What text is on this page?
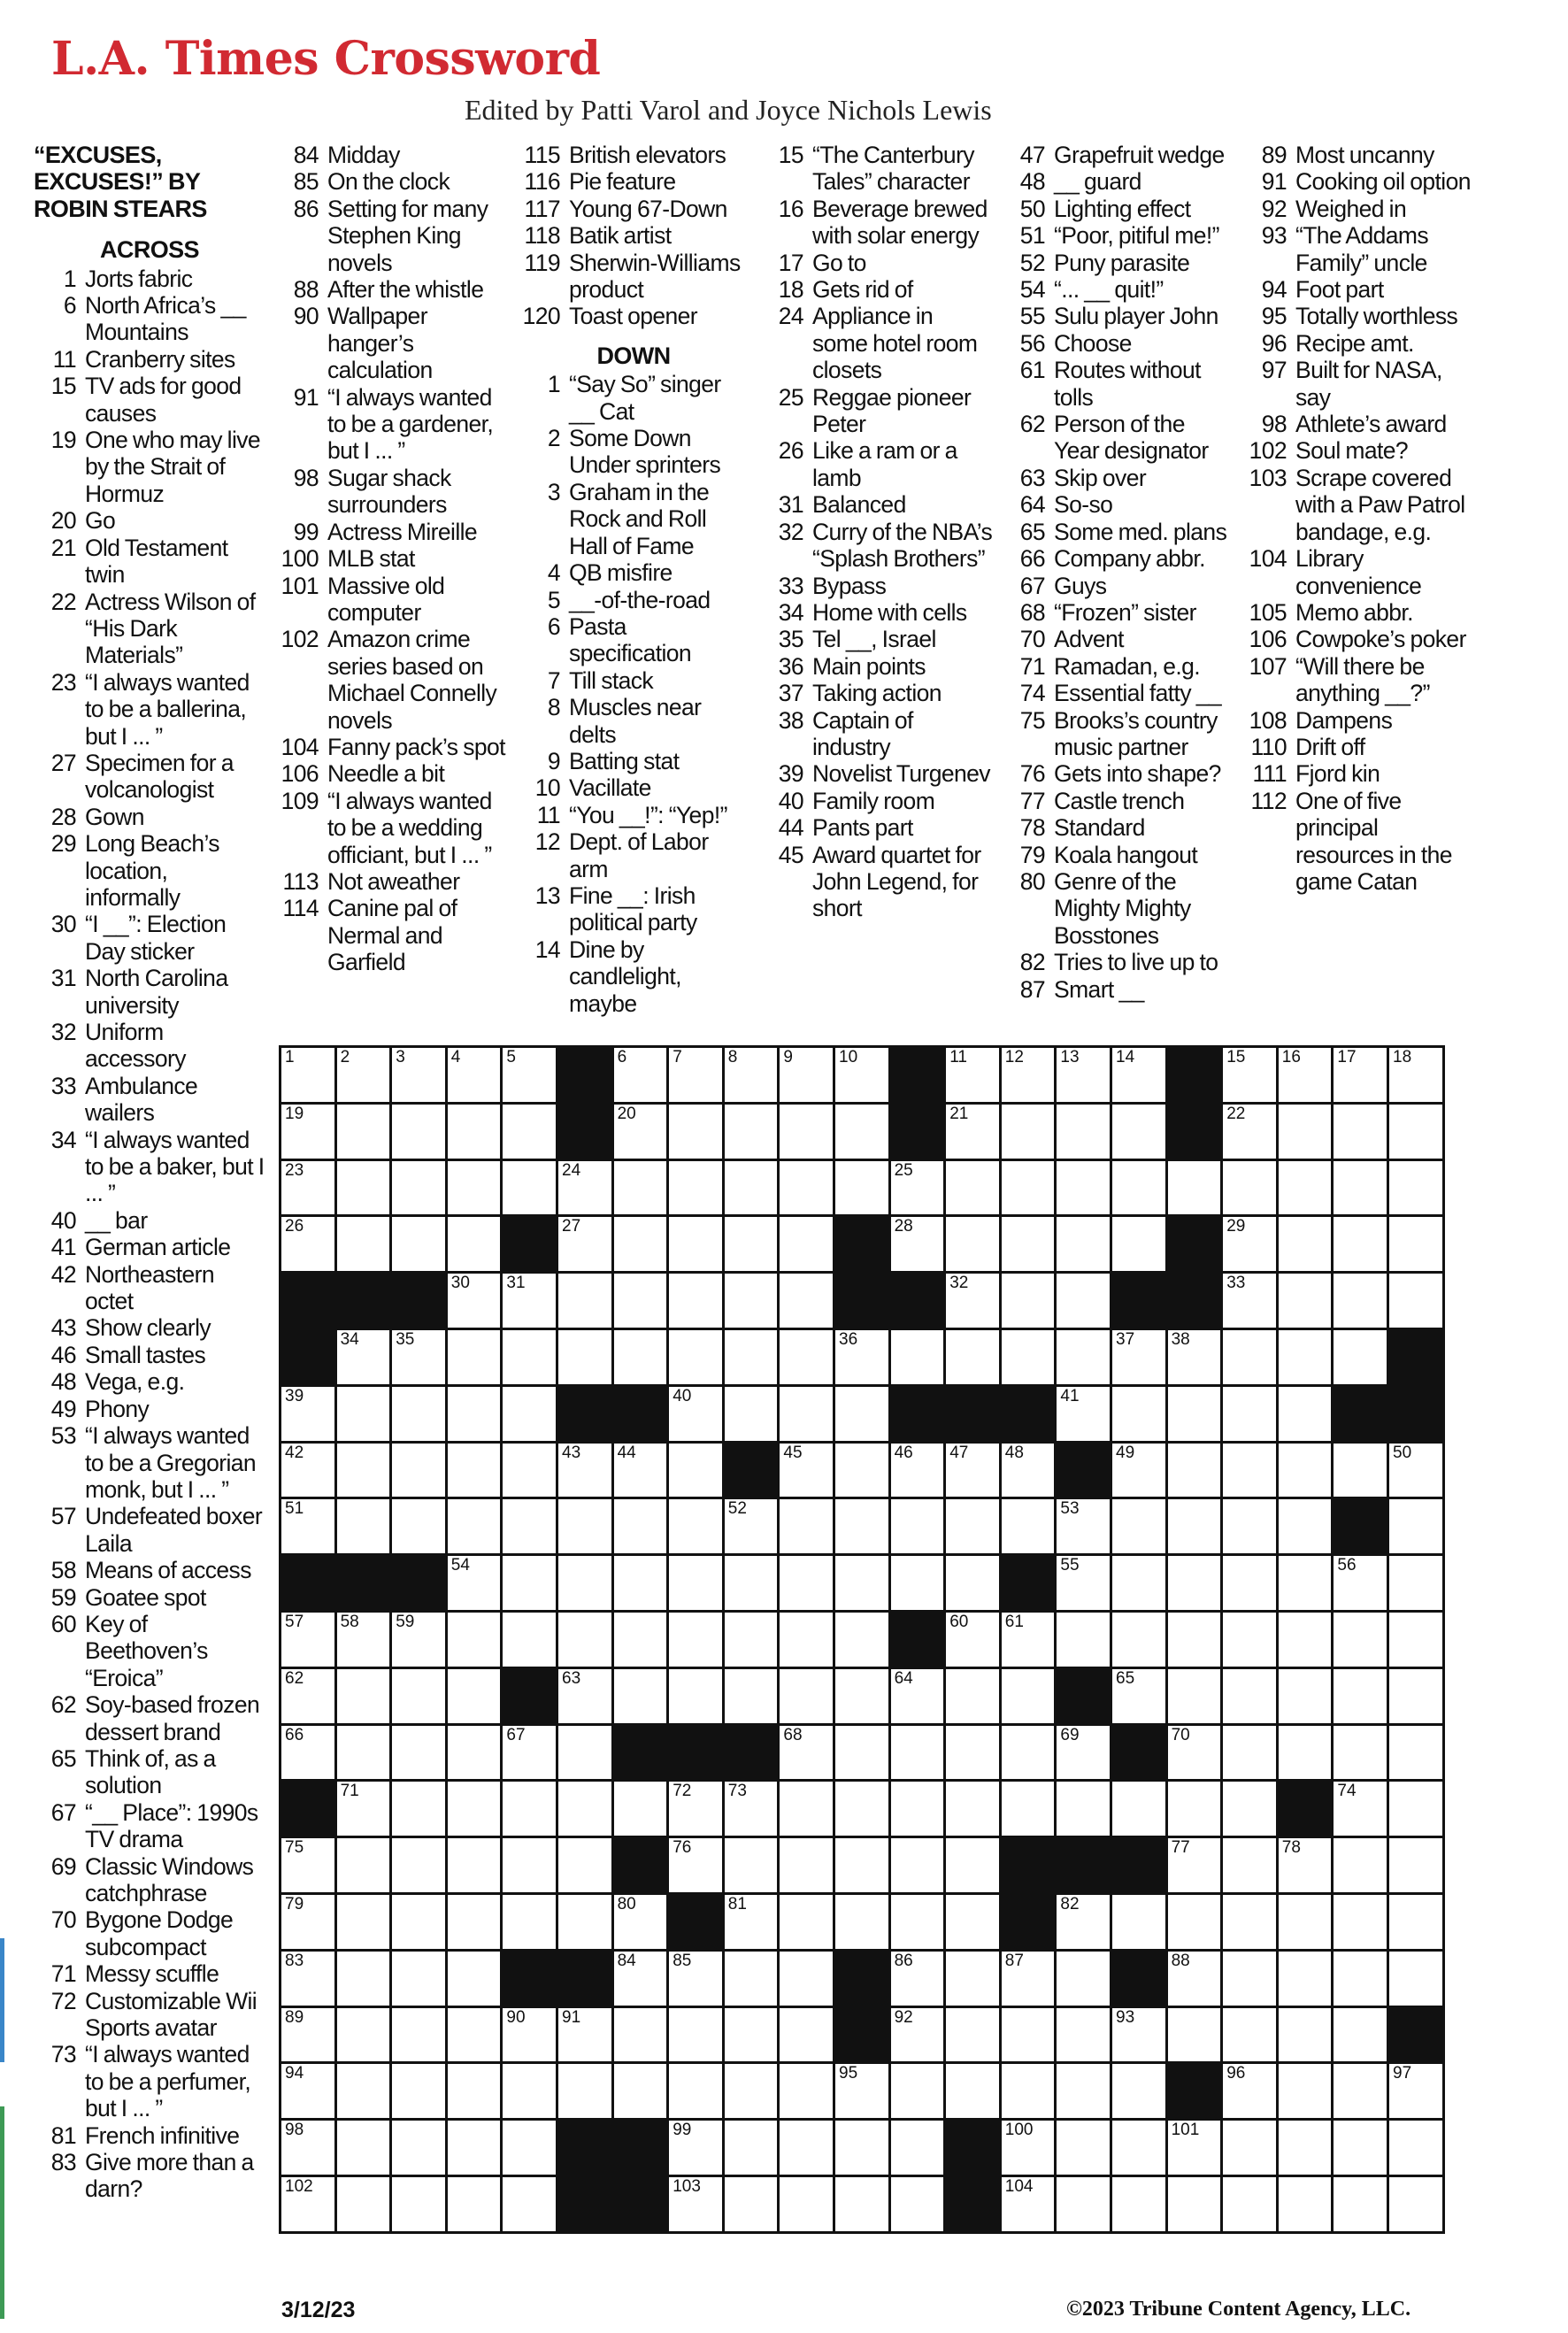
L.A. Times Crossword
Edited by Patti Varol and Joyce Nichols Lewis
“EXCUSES, EXCUSES!” BY ROBIN STEARS
ACROSS
1 Jorts fabric
6 North Africa’s __ Mountains
11 Cranberry sites
15 TV ads for good causes
19 One who may live by the Strait of Hormuz
20 Go
21 Old Testament twin
22 Actress Wilson of “His Dark Materials”
23 “I always wanted to be a ballerina, but I ... ”
27 Specimen for a volcanologist
28 Gown
29 Long Beach’s location, informally
30 “I __”: Election Day sticker
31 North Carolina university
32 Uniform accessory
33 Ambulance wailers
34 “I always wanted to be a baker, but I ... ”
40 __ bar
41 German article
42 Northeastern octet
43 Show clearly
46 Small tastes
48 Vega, e.g.
49 Phony
53 “I always wanted to be a Gregorian monk, but I ... ”
57 Undefeated boxer Laila
58 Means of access
59 Goatee spot
60 Key of Beethoven’s “Eroica”
62 Soy-based frozen dessert brand
65 Think of, as a solution
67 “__ Place”: 1990s TV drama
69 Classic Windows catchphrase
70 Bygone Dodge subcompact
71 Messy scuffle
72 Customizable Wii Sports avatar
73 “I always wanted to be a perfumer, but I ... ”
81 French infinitive
83 Give more than a darn?
84 Midday
85 On the clock
86 Setting for many Stephen King novels
88 After the whistle
90 Wallpaper hanger’s calculation
91 “I always wanted to be a gardener, but I ... ”
98 Sugar shack surrounders
99 Actress Mireille
100 MLB stat
101 Massive old computer
102 Amazon crime series based on Michael Connelly novels
104 Fanny pack’s spot
106 Needle a bit
109 “I always wanted to be a wedding officiant, but I ... ”
113 Not aweather
114 Canine pal of Nermal and Garfield
115 British elevators
116 Pie feature
117 Young 67-Down
118 Batik artist
119 Sherwin-Williams product
120 Toast opener
DOWN
1 “Say So” singer __ Cat
2 Some Down Under sprinters
3 Graham in the Rock and Roll Hall of Fame
4 QB misfire
5 __-of-the-road
6 Pasta specification
7 Till stack
8 Muscles near delts
9 Batting stat
10 Vacillate
11 “You __!”: “Yep!”
12 Dept. of Labor arm
13 Fine __: Irish political party
14 Dine by candlelight, maybe
15 “The Canterbury Tales” character
16 Beverage brewed with solar energy
17 Go to
18 Gets rid of
24 Appliance in some hotel room closets
25 Reggae pioneer Peter
26 Like a ram or a lamb
31 Balanced
32 Curry of the NBA’s “Splash Brothers”
33 Bypass
34 Home with cells
35 Tel __, Israel
36 Main points
37 Taking action
38 Captain of industry
39 Novelist Turgenev
40 Family room
44 Pants part
45 Award quartet for John Legend, for short
47 Grapefruit wedge
48 __ guard
50 Lighting effect
51 “Poor, pitiful me!”
52 Puny parasite
54 “... __ quit!”
55 Sulu player John
56 Choose
61 Routes without tolls
62 Person of the Year designator
63 Skip over
64 So-so
65 Some med. plans
66 Company abbr.
67 Guys
68 “Frozen” sister
70 Advent
71 Ramadan, e.g.
74 Essential fatty __
75 Brooks’s country music partner
76 Gets into shape?
77 Castle trench
78 Standard
79 Koala hangout
80 Genre of the Mighty Mighty Bosstones
82 Tries to live up to
87 Smart __
89 Most uncanny
91 Cooking oil option
92 Weighed in
93 “The Addams Family” uncle
94 Foot part
95 Totally worthless
96 Recipe amt.
97 Built for NASA, say
98 Athlete’s award
102 Soul mate?
103 Scrape covered with a Paw Patrol bandage, e.g.
104 Library convenience
105 Memo abbr.
106 Cowpoke’s poker
107 “Will there be anything __?”
108 Dampens
110 Drift off
111 Fjord kin
112 One of five principal resources in the game Catan
1	2	3	4	5	6	7	8	9	10	11 12 13 14	15 16 17 18
19	20	21	22
23	24	25
26	27	28	29
30 31	32	33
34 35	36	37 38
39	40	41
42	43 44	45	46 47 48	49	50
51	52	53
54	55	56
57 58 59	60 61
62	63	64	65
66	67	68	69	70
71	72 73	74
75	76	77	78
79	80	81	82
83	84 85	86	87	88
89	90 91	92	93
94	95	96	97
98	99	100	101
102	103	104
3/12/23	©2023 Tribune Content Agency, LLC.
